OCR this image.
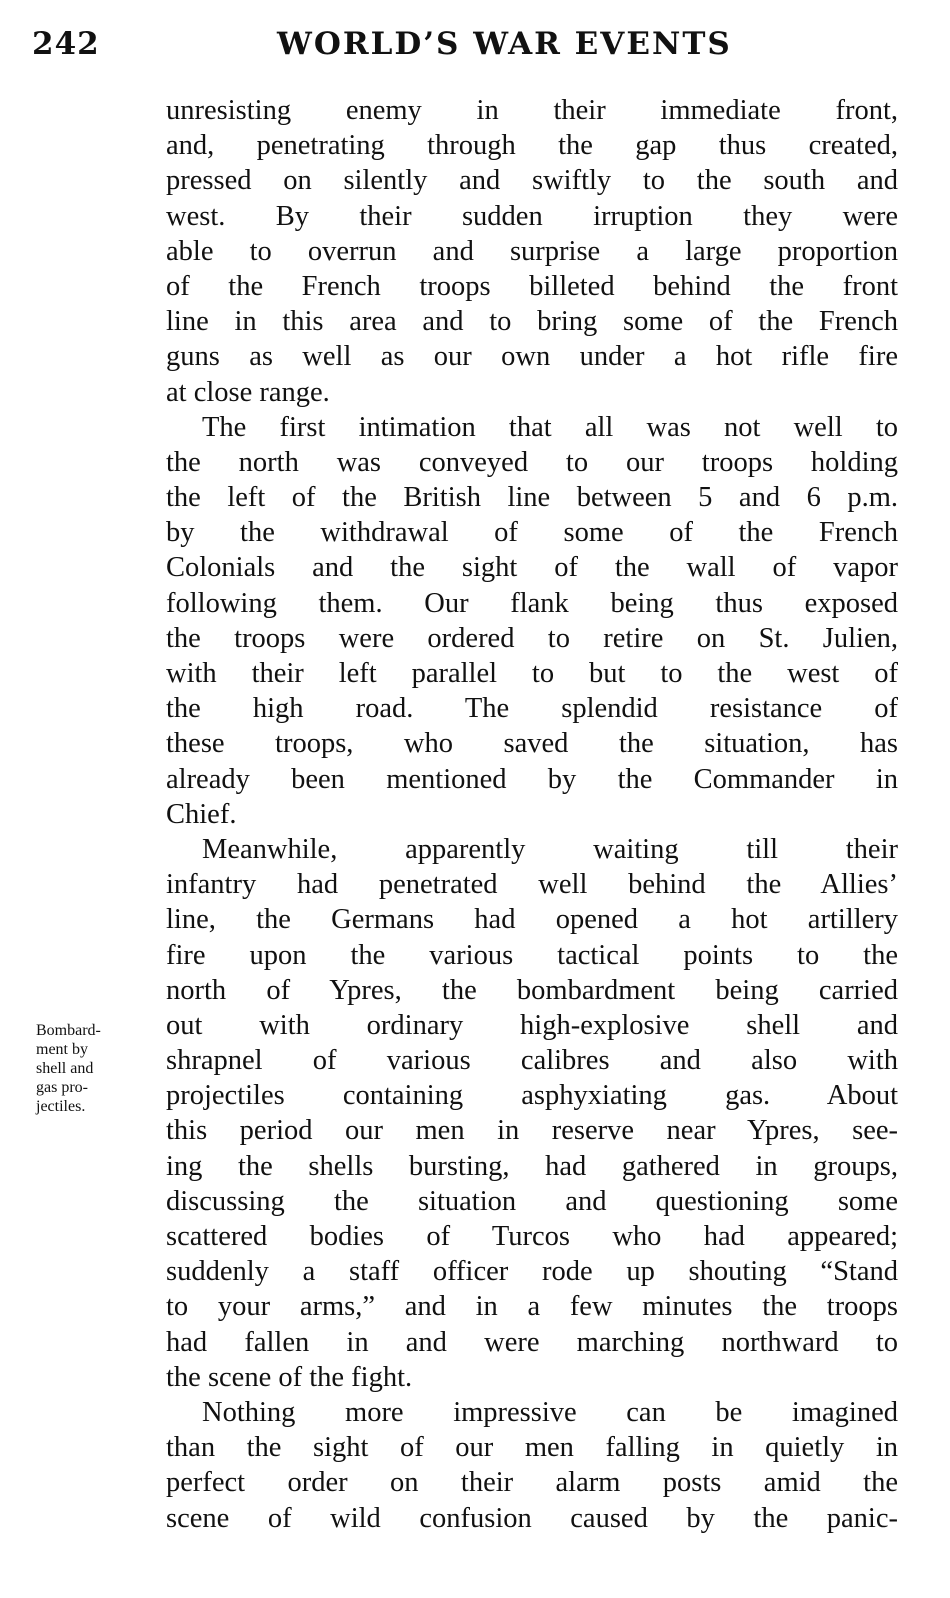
242	WORLD’S WAR EVENTS
Bombard-
ment by
shell and
gas pro-
jectiles.
unresisting enemy in their immediate front,
and, penetrating through the gap thus created,
pressed on silently and swiftly to the south and
west. By their sudden irruption they were
able to overrun and surprise a large proportion
of the French troops billeted behind the front
line in this area and to bring some of the French
guns as well as our own under a hot rifle fire
at close range.
The first intimation that all was not well to
the north was conveyed to our troops holding
the left of the British line between 5 and 6 p.m.
by the withdrawal of some of the French
Colonials and the sight of the wall of vapor
following them. Our flank being thus exposed
the troops were ordered to retire on St. Julien,
with their left parallel to but to the west of
the high road. The splendid resistance of
these troops, who saved the situation, has
already been mentioned by the Commander in
Chief.
Meanwhile, apparently waiting till their
infantry had penetrated well behind the Allies’
line, the Germans had opened a hot artillery
fire upon the various tactical points to the
north of Ypres, the bombardment being carried
out with ordinary high-explosive shell and
shrapnel of various calibres and also with
projectiles containing asphyxiating gas. About
this period our men in reserve near Ypres, see-
ing the shells bursting, had gathered in groups,
discussing the situation and questioning some
scattered bodies of Turcos who had appeared;
suddenly a staff officer rode up shouting “Stand
to your arms,” and in a few minutes the troops
had fallen in and were marching northward to
the scene of the fight.
Nothing more impressive can be imagined
than the sight of our men falling in quietly in
perfect order on their alarm posts amid the
scene of wild confusion caused by the panic-
